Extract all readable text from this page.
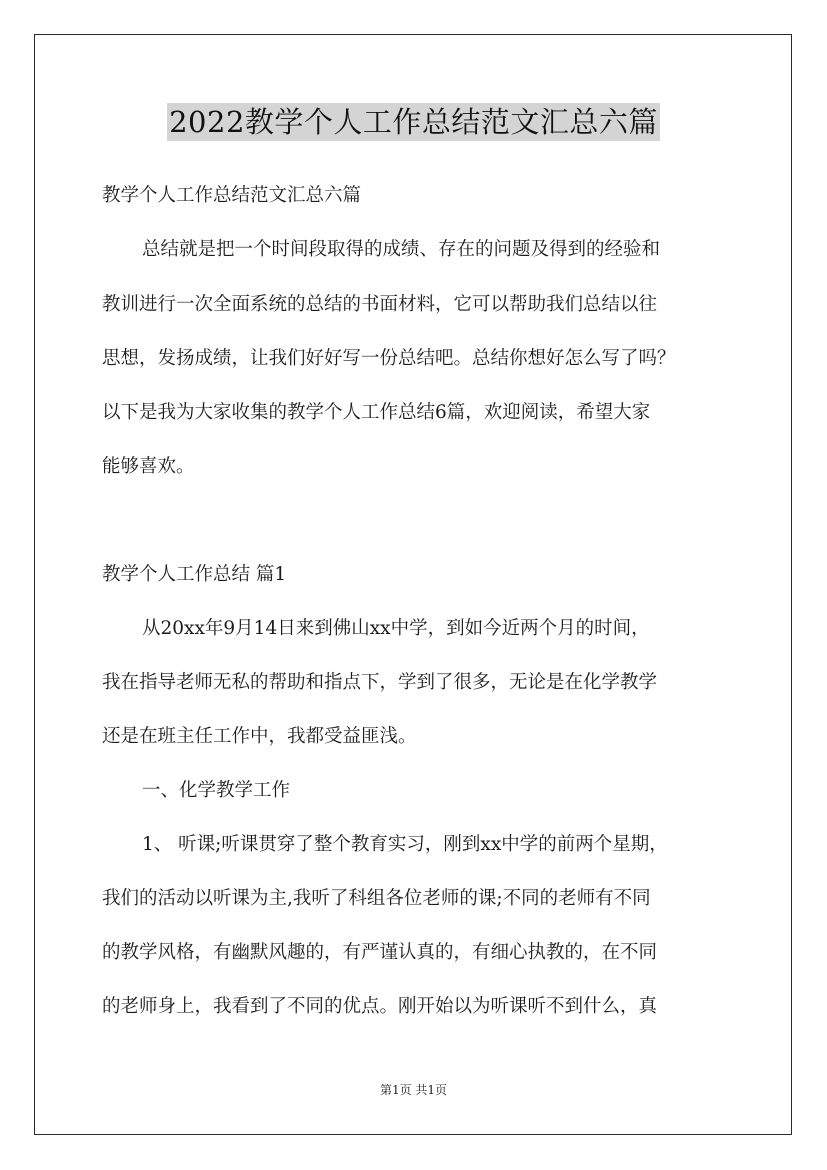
2022教学个人工作总结范文汇总六篇
教学个人工作总结范文汇总六篇
总结就是把一个时间段取得的成绩、存在的问题及得到的经验和
教训进行一次全面系统的总结的书面材料，它可以帮助我们总结以往
思想，发扬成绩，让我们好好写一份总结吧。总结你想好怎么写了吗？
以下是我为大家收集的教学个人工作总结6篇，欢迎阅读，希望大家
能够喜欢。
教学个人工作总结 篇1
从20xx年9月14日来到佛山xx中学，到如今近两个月的时间，
我在指导老师无私的帮助和指点下，学到了很多，无论是在化学教学
还是在班主任工作中，我都受益匪浅。
一、化学教学工作
1、 听课;听课贯穿了整个教育实习，刚到xx中学的前两个星期，
我们的活动以听课为主,我听了科组各位老师的课;不同的老师有不同
的教学风格，有幽默风趣的，有严谨认真的，有细心执教的，在不同
的老师身上，我看到了不同的优点。刚开始以为听课听不到什么，真
第1页 共1页
